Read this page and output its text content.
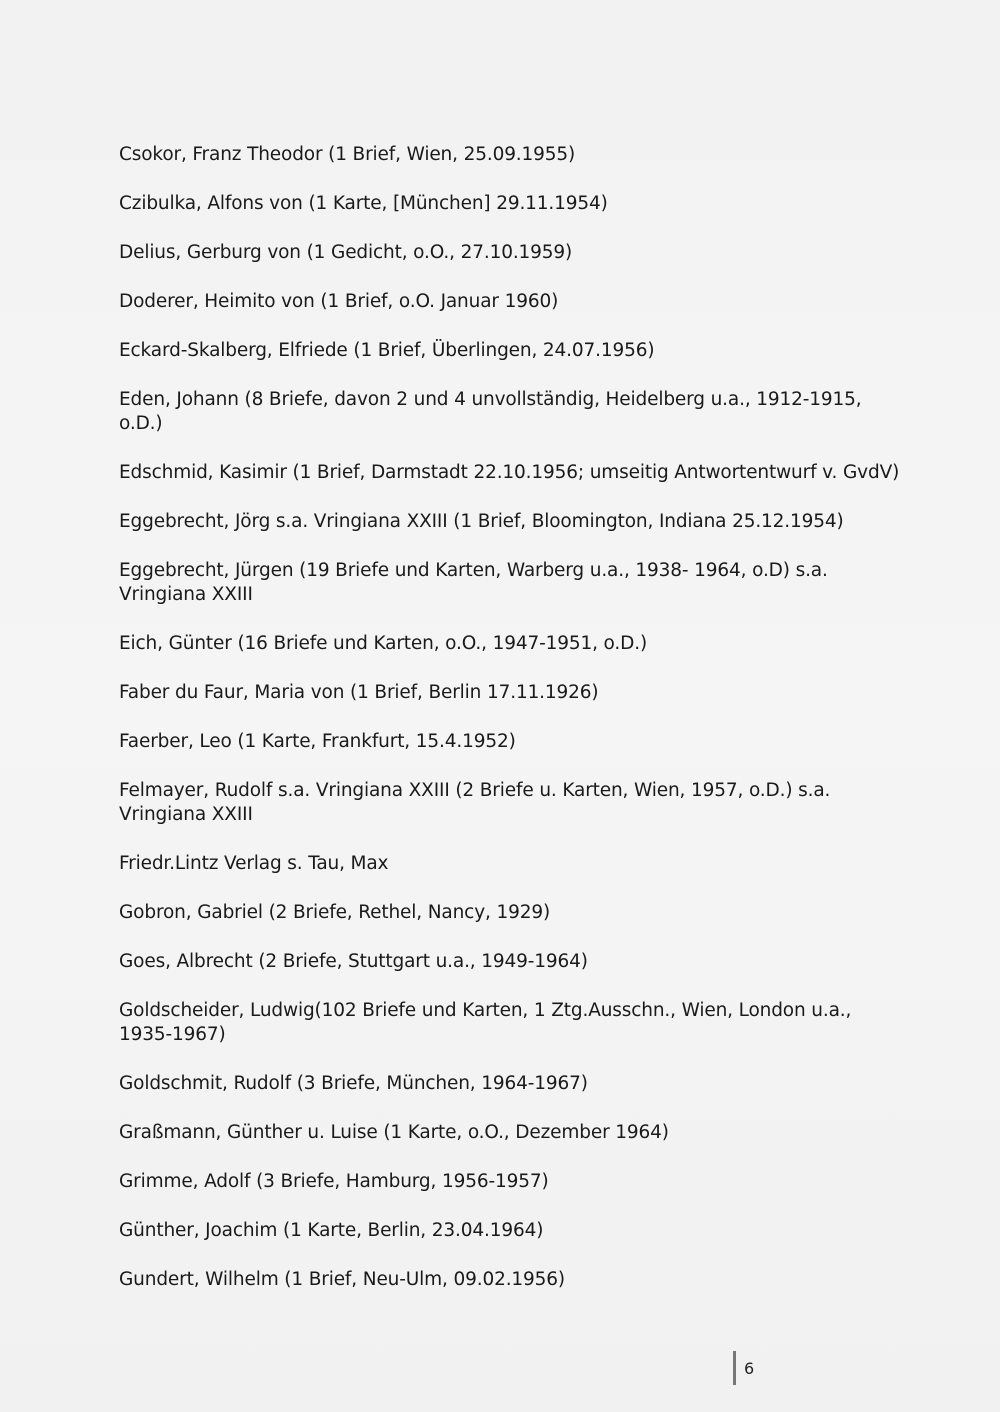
Csokor, Franz Theodor (1 Brief, Wien, 25.09.1955)

Czibulka, Alfons von (1 Karte, [München] 29.11.1954)

Delius, Gerburg von (1 Gedicht, o.O., 27.10.1959)

Doderer, Heimito von (1 Brief, o.O. Januar 1960)

Eckard-Skalberg, Elfriede (1 Brief, Überlingen, 24.07.1956)

Eden, Johann (8 Briefe, davon 2 und 4 unvollständig, Heidelberg u.a., 1912-1915, o.D.)

Edschmid, Kasimir (1 Brief, Darmstadt 22.10.1956; umseitig Antwortentwurf v. GvdV)

Eggebrecht, Jörg s.a. Vringiana XXIII (1 Brief, Bloomington, Indiana 25.12.1954)

Eggebrecht, Jürgen (19 Briefe und Karten, Warberg u.a., 1938- 1964, o.D) s.a. Vringiana XXIII

Eich, Günter (16 Briefe und Karten, o.O., 1947-1951, o.D.)

Faber du Faur, Maria von (1 Brief, Berlin 17.11.1926)

Faerber, Leo (1 Karte, Frankfurt, 15.4.1952)

Felmayer, Rudolf s.a. Vringiana XXIII (2 Briefe u. Karten, Wien, 1957, o.D.) s.a. Vringiana XXIII

Friedr.Lintz Verlag s. Tau, Max

Gobron, Gabriel (2 Briefe, Rethel, Nancy, 1929)

Goes, Albrecht (2 Briefe, Stuttgart u.a., 1949-1964)

Goldscheider, Ludwig(102 Briefe und Karten, 1 Ztg.Ausschn., Wien, London u.a., 1935-1967)

Goldschmit, Rudolf (3 Briefe, München, 1964-1967)

Graßmann, Günther u. Luise (1 Karte, o.O., Dezember 1964)

Grimme, Adolf (3 Briefe, Hamburg, 1956-1957)

Günther, Joachim (1 Karte, Berlin, 23.04.1964)

Gundert, Wilhelm (1 Brief, Neu-Ulm, 09.02.1956)

6
